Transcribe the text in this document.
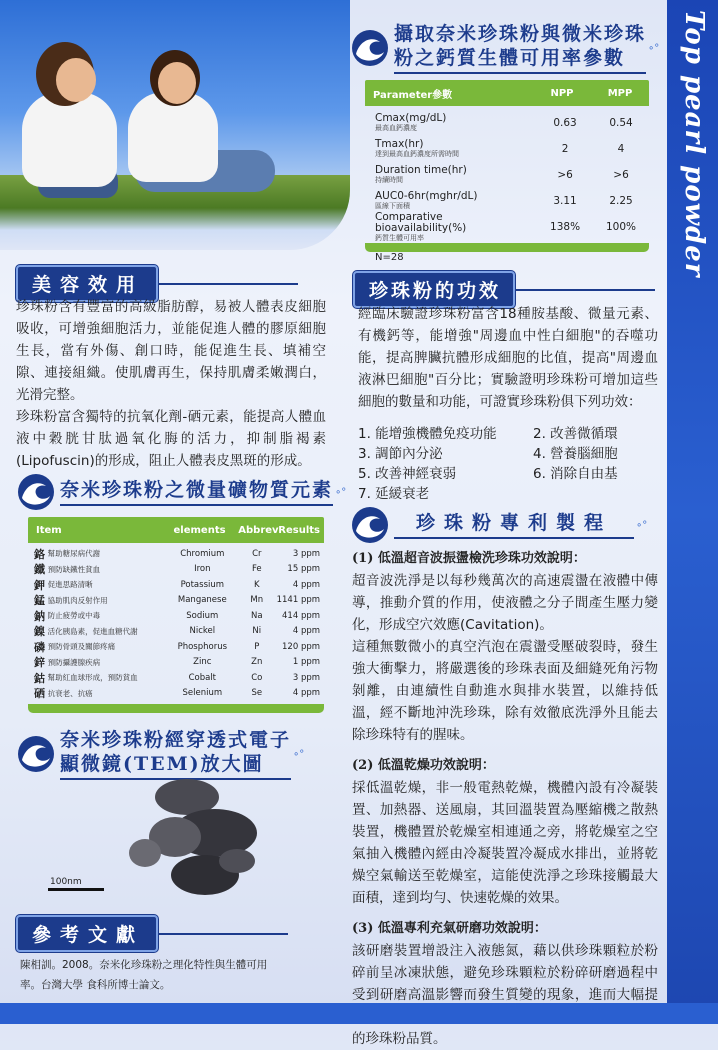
Top pearl powder
美容效用

珍珠粉含有豐富的高級脂肪醇，易被人體表皮細胞吸收，可增強細胞活力，並能促進人體的膠原細胞生長，當有外傷、創口時，能促進生長、填補空隙、連接組織。使肌膚再生，保持肌膚柔嫩潤白，光滑完整。

珍珠粉富含獨特的抗氧化劑-硒元素，能提高人體血液中穀胱甘肽過氧化脢的活力，抑制脂褐素(Lipofuscin)的形成，阻止人體表皮黑斑的形成。

奈米珍珠粉之微量礦物質元素 ∘°
Item	elements	Abbrev Results
鉻 幫助糖尿病代謝	Chromium	Cr	3 ppm
鐵 預防缺鐵性貧血	Iron	Fe	15 ppm
鉀 促進思路清晰	Potassium	K	4 ppm
錳 協助肌肉反射作用	Manganese	Mn	1141 ppm
鈉 防止疲勞或中毒	Sodium	Na	414 ppm
鎳 活化胰島素，促進血糖代謝	Nickel	Ni	4 ppm
磷 預防骨頭及關節疼痛	Phosphorus	P	120 ppm
鋅 預防攝護腺疾病	Zinc	Zn	1 ppm
鈷 幫助紅血球形成，預防貧血	Cobalt	Co	3 ppm
硒 抗衰老、抗癌	Selenium	Se	4 ppm
奈米珍珠粉經穿透式電子
顯微鏡(TEM)放大圖	∘°
100nm
參考文獻
陳相訓。2008。奈米化珍珠粉之理化特性與生體可用
率。台灣大學 食科所博士論文。
攝取奈米珍珠粉與微米珍珠
粉之鈣質生體可用率參數	∘°
Parameter參數	NPP	MPP
Cmax(mg/dL)
最高血鈣濃度	0.63	0.54
Tmax(hr)
達到最高血鈣濃度所需時間	2	4
Duration time(hr)
持續時間	>6	>6
AUC0-6hr(mghr/dL)
區線下面積	3.11	2.25
Comparative bioavailability(%)
鈣質生體可用率
138%	100%
N=28
珍珠粉的功效
經臨床驗證珍珠粉富含18種胺基酸、微量元素、有機鈣等，能增強"周邊血中性白細胞"的吞噬功能，提高脾臟抗體形成細胞的比值，提高"周邊血液淋巴細胞"百分比；實驗證明珍珠粉可增加這些細胞的數量和功能，可證實珍珠粉俱下列功效：
1. 能增強機體免疫功能	2. 改善微循環
3. 調節內分泌	4. 營養腦細胞
5. 改善神經衰弱	6. 消除自由基
7. 延緩衰老
珍珠粉專利製程	∘°

(1) 低溫超音波振盪檢洗珍珠功效說明：

超音波洗淨是以每秒幾萬次的高速震盪在液體中傳導，推動介質的作用，使液體之分子間產生壓力變化，形成空穴效應(Cavitation)。

這種無數微小的真空汽泡在震盪受壓破裂時，發生強大衝擊力，將嚴選後的珍珠表面及細縫死角污物剝離，由連續性自動進水與排水裝置，以維持低溫，經不斷地沖洗珍珠，除有效徹底洗淨外且能去除珍珠特有的腥味。

(2) 低溫乾燥功效說明：

採低溫乾燥，非一般電熱乾燥，機體內設有冷凝裝置、加熱器、送風扇，其回溫裝置為壓縮機之散熱裝置，機體置於乾燥室相連通之旁，將乾燥室之空氣抽入機體內經由冷凝裝置冷凝成水排出，並將乾燥空氣輸送至乾燥室，這能使洗淨之珍珠接觸最大面積，達到均勻、快速乾燥的效果。

(3) 低溫專利充氣研磨功效說明：

該研磨裝置增設注入液態氮，藉以供珍珠顆粒於粉碎前呈冰凍狀態，避免珍珠顆粒於粉碎研磨過程中受到研磨高溫影響而發生質變的現象，進而大幅提 的珍珠粉品質。
